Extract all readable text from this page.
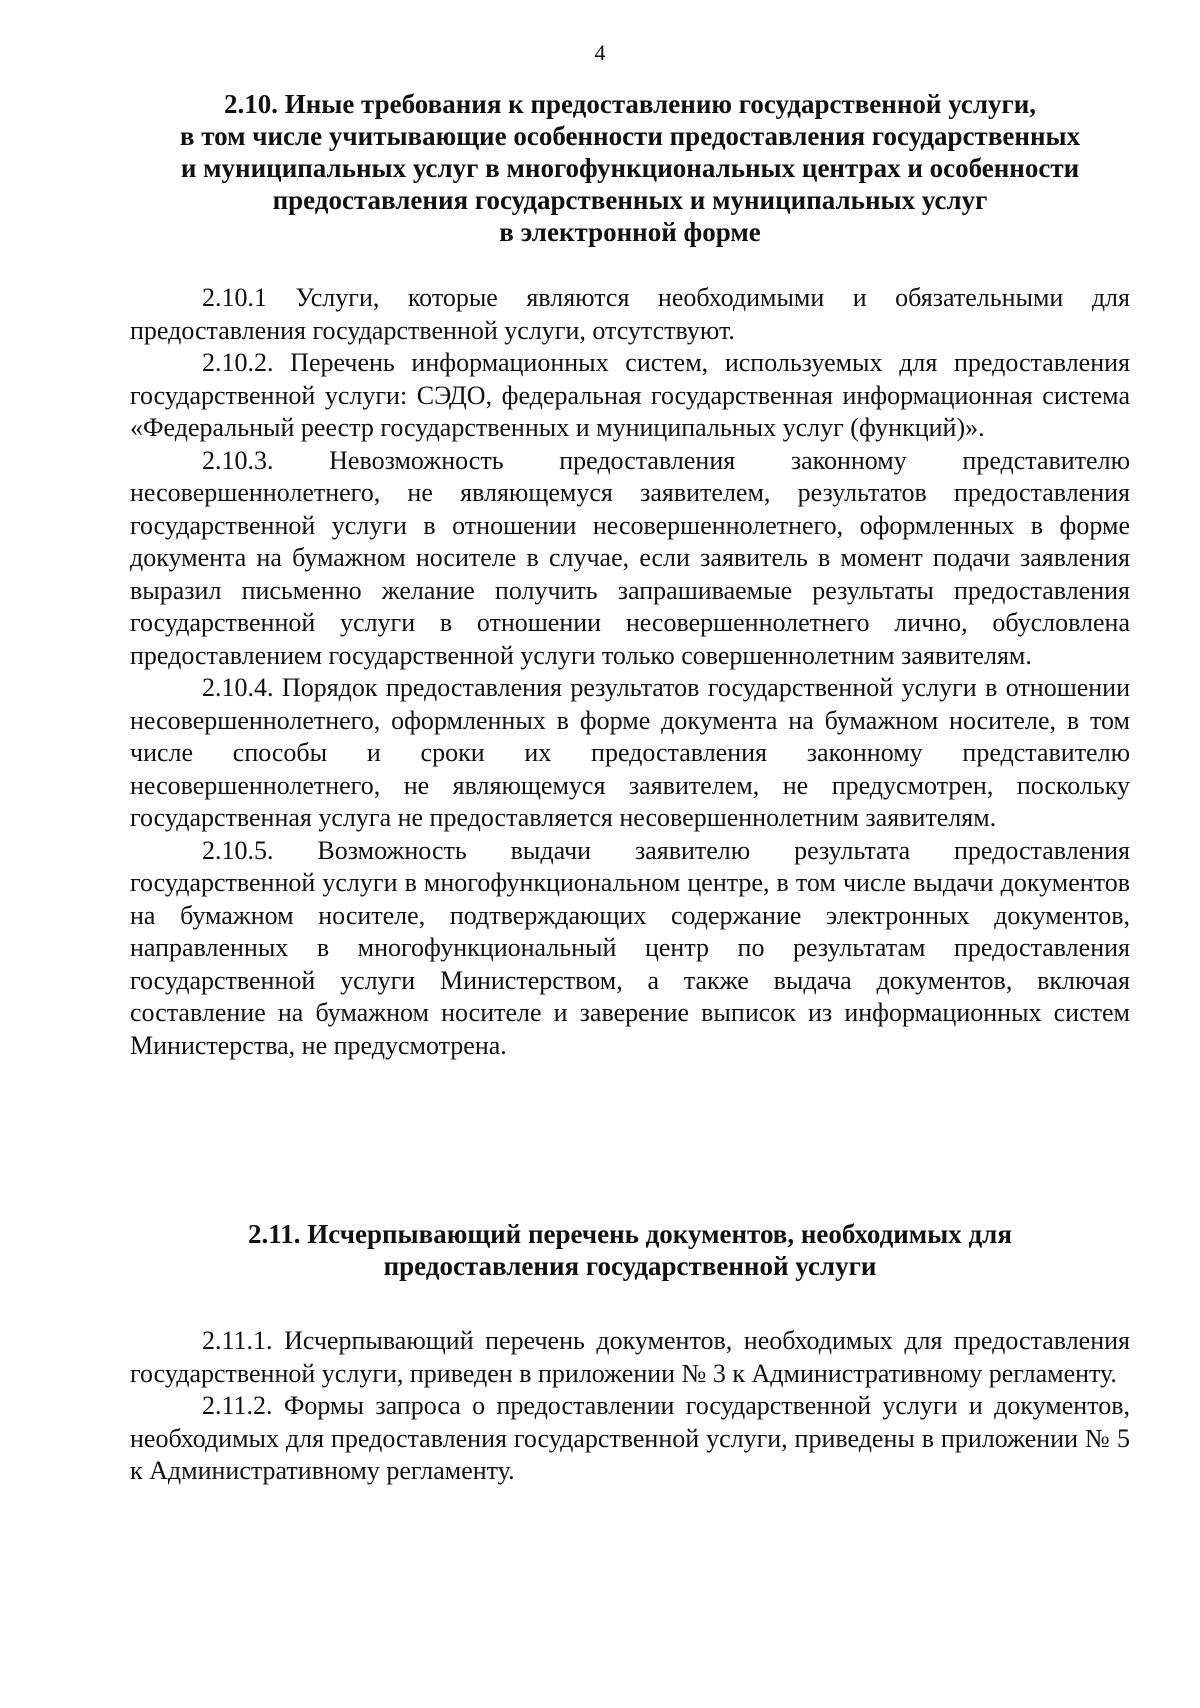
4
2.10. Иные требования к предоставлению государственной услуги,
в том числе учитывающие особенности предоставления государственных
и муниципальных услуг в многофункциональных центрах и особенности
предоставления государственных и муниципальных услуг
в электронной форме

2.10.1 Услуги, которые являются необходимыми и обязательными для предоставления государственной услуги, отсутствуют.

2.10.2. Перечень информационных систем, используемых для предоставления государственной услуги: СЭДО, федеральная государственная информационная система «Федеральный реестр государственных и муниципальных услуг (функций)».

2.10.3. Невозможность предоставления законному представителю несовершеннолетнего, не являющемуся заявителем, результатов предоставления государственной услуги в отношении несовершеннолетнего, оформленных в форме документа на бумажном носителе в случае, если заявитель в момент подачи заявления выразил письменно желание получить запрашиваемые результаты предоставления государственной услуги в отношении несовершеннолетнего лично, обусловлена предоставлением государственной услуги только совершеннолетним заявителям.

2.10.4. Порядок предоставления результатов государственной услуги в отношении несовершеннолетнего, оформленных в форме документа на бумажном носителе, в том числе способы и сроки их предоставления законному представителю несовершеннолетнего, не являющемуся заявителем, не предусмотрен, поскольку государственная услуга не предоставляется несовершеннолетним заявителям.

2.10.5. Возможность выдачи заявителю результата предоставления государственной услуги в многофункциональном центре, в том числе выдачи документов на бумажном носителе, подтверждающих содержание электронных документов, направленных в многофункциональный центр по результатам предоставления государственной услуги Министерством, а также выдача документов, включая составление на бумажном носителе и заверение выписок из информационных систем Министерства, не предусмотрена.

2.11. Исчерпывающий перечень документов, необходимых для
предоставления государственной услуги

2.11.1. Исчерпывающий перечень документов, необходимых для предоставления государственной услуги, приведен в приложении № 3 к Административному регламенту.

2.11.2. Формы запроса о предоставлении государственной услуги и документов, необходимых для предоставления государственной услуги, приведены в приложении № 5 к Административному регламенту.
